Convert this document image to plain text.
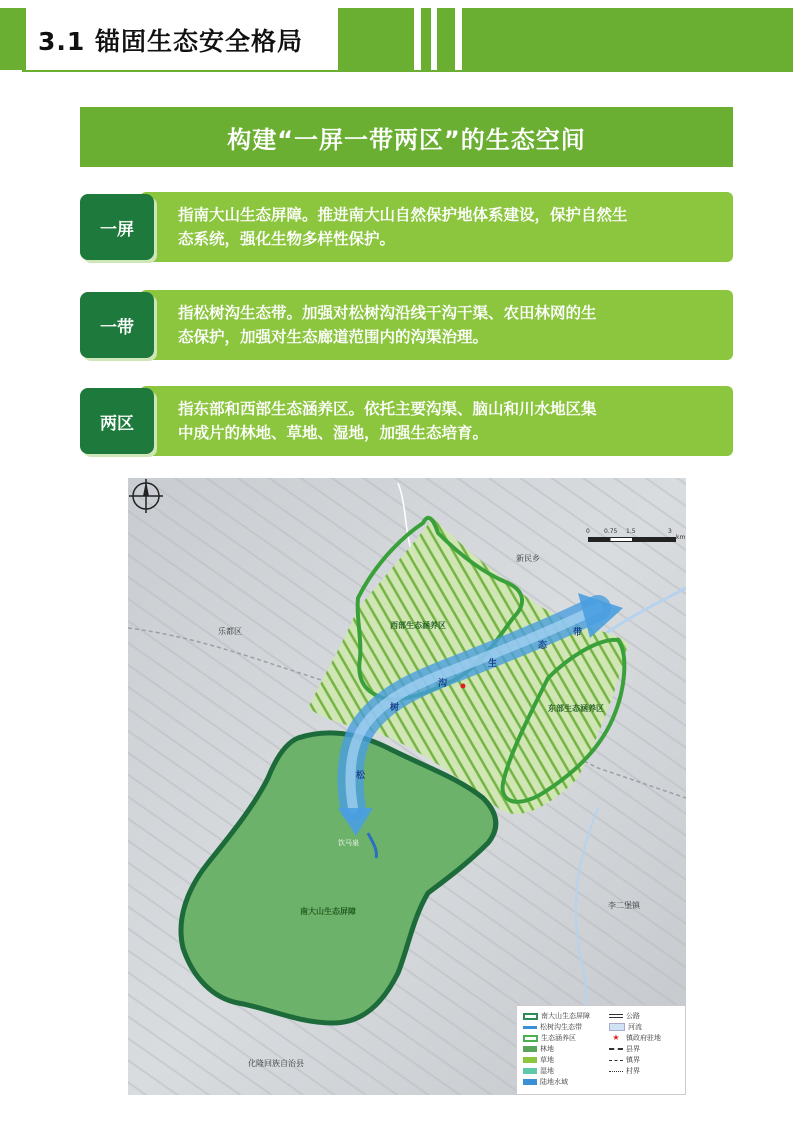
3.1 锚固生态安全格局
构建“一屏一带两区”的生态空间
指南大山生态屏障。推进南大山自然保护地体系建设，保护自然生
态系统，强化生物多样性保护。
一屏
指松树沟生态带。加强对松树沟沿线干沟干渠、农田林网的生
态保护，加强对生态廊道范围内的沟渠治理。
一带
指东部和西部生态涵养区。依托主要沟渠、脑山和川水地区集
中成片的林地、草地、湿地，加强生态培育。
两区
新民乡
乐都区
李二堡镇
化隆回族自治县
饮马泉
西部生态涵养区
东部生态涵养区
南大山生态屏障
松
树
沟
生
态
带
0 0.75 1.5	3
km
南大山生态屏障
松树沟生态带
生态涵养区
林地
草地
湿地
陆地水域
公路
河流
★ 镇政府驻地
县界
镇界
村界
